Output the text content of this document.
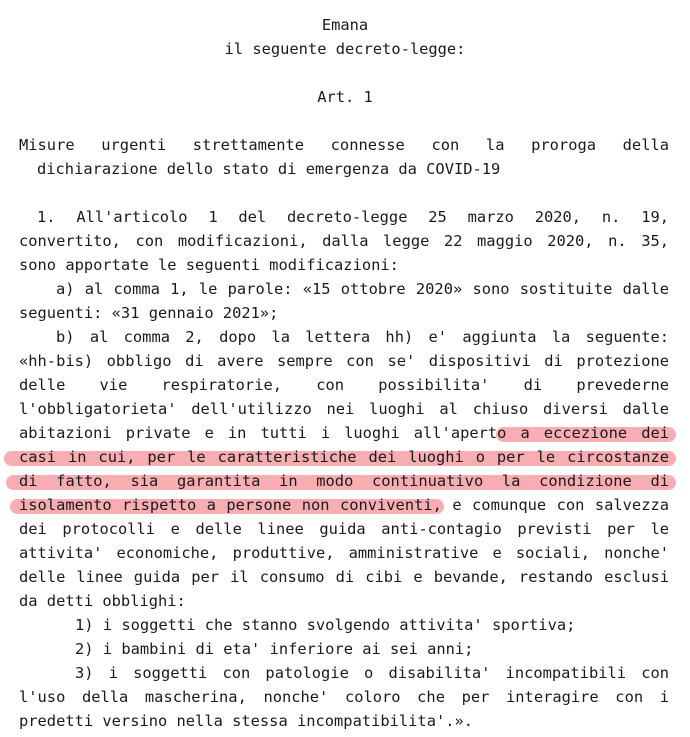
Emana
il seguente decreto-legge:
Art. 1
Misure urgenti strettamente connesse con la proroga della
dichiarazione dello stato di emergenza da COVID-19
1. All'articolo 1 del decreto-legge 25 marzo 2020, n. 19,
convertito, con modificazioni, dalla legge 22 maggio 2020, n. 35,
sono apportate le seguenti modificazioni:
a) al comma 1, le parole: «15 ottobre 2020» sono sostituite dalle
seguenti: «31 gennaio 2021»;
b) al comma 2, dopo la lettera hh) e' aggiunta la seguente:
«hh-bis) obbligo di avere sempre con se' dispositivi di protezione
delle vie respiratorie, con possibilita' di prevederne
l'obbligatorieta' dell'utilizzo nei luoghi al chiuso diversi dalle
abitazioni private e in tutti i luoghi all'aperto a eccezione dei
casi in cui, per le caratteristiche dei luoghi o per le circostanze
di fatto, sia garantita in modo continuativo la condizione di
isolamento rispetto a persone non conviventi, e comunque con salvezza
dei protocolli e delle linee guida anti-contagio previsti per le
attivita' economiche, produttive, amministrative e sociali, nonche'
delle linee guida per il consumo di cibi e bevande, restando esclusi
da detti obblighi:
1) i soggetti che stanno svolgendo attivita' sportiva;
2) i bambini di eta' inferiore ai sei anni;
3) i soggetti con patologie o disabilita' incompatibili con
l'uso della mascherina, nonche' coloro che per interagire con i
predetti versino nella stessa incompatibilita'.».
